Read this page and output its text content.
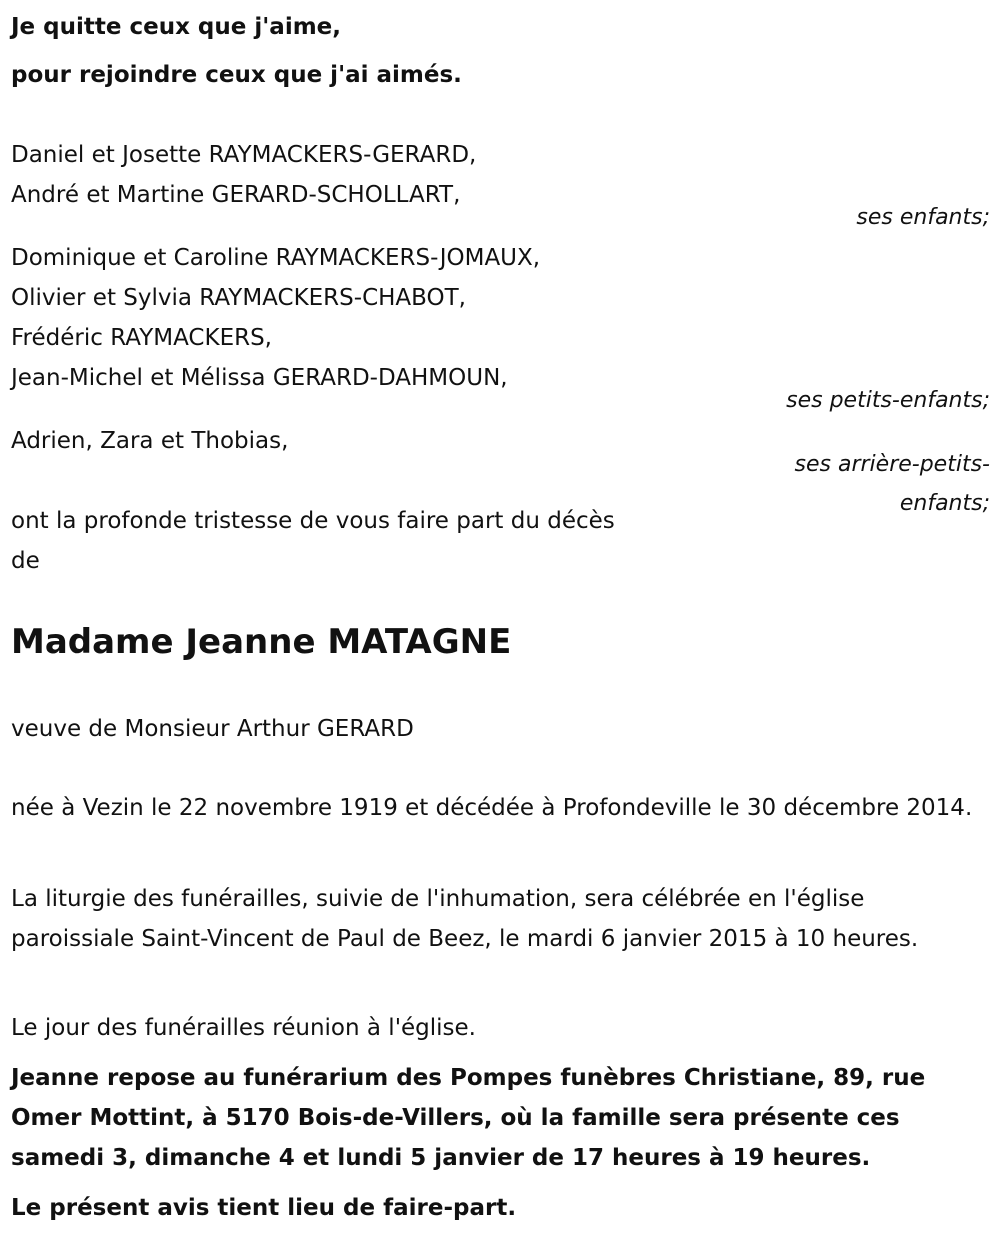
Je quitte ceux que j'aime,
pour rejoindre ceux que j'ai aimés.
Daniel et Josette RAYMACKERS-GERARD,
André et Martine GERARD-SCHOLLART,
ses enfants;
Dominique et Caroline RAYMACKERS-JOMAUX,
Olivier et Sylvia RAYMACKERS-CHABOT,
Frédéric RAYMACKERS,
Jean-Michel et Mélissa GERARD-DAHMOUN,
ses petits-enfants;
Adrien, Zara et Thobias,
ses arrière-petits-
enfants;
ont la profonde tristesse de vous faire part du décès
de
Madame Jeanne MATAGNE
veuve de Monsieur Arthur GERARD
née à Vezin le 22 novembre 1919 et décédée à Profondeville le 30 décembre 2014.
La liturgie des funérailles, suivie de l'inhumation, sera célébrée en l'église paroissiale Saint-Vincent de Paul de Beez, le mardi 6 janvier 2015 à 10 heures.
Le jour des funérailles réunion à l'église.
Jeanne repose au funérarium des Pompes funèbres Christiane, 89, rue Omer Mottint, à 5170 Bois-de-Villers, où la famille sera présente ces samedi 3, dimanche 4 et lundi 5 janvier de 17 heures à 19 heures.
Le présent avis tient lieu de faire-part.
